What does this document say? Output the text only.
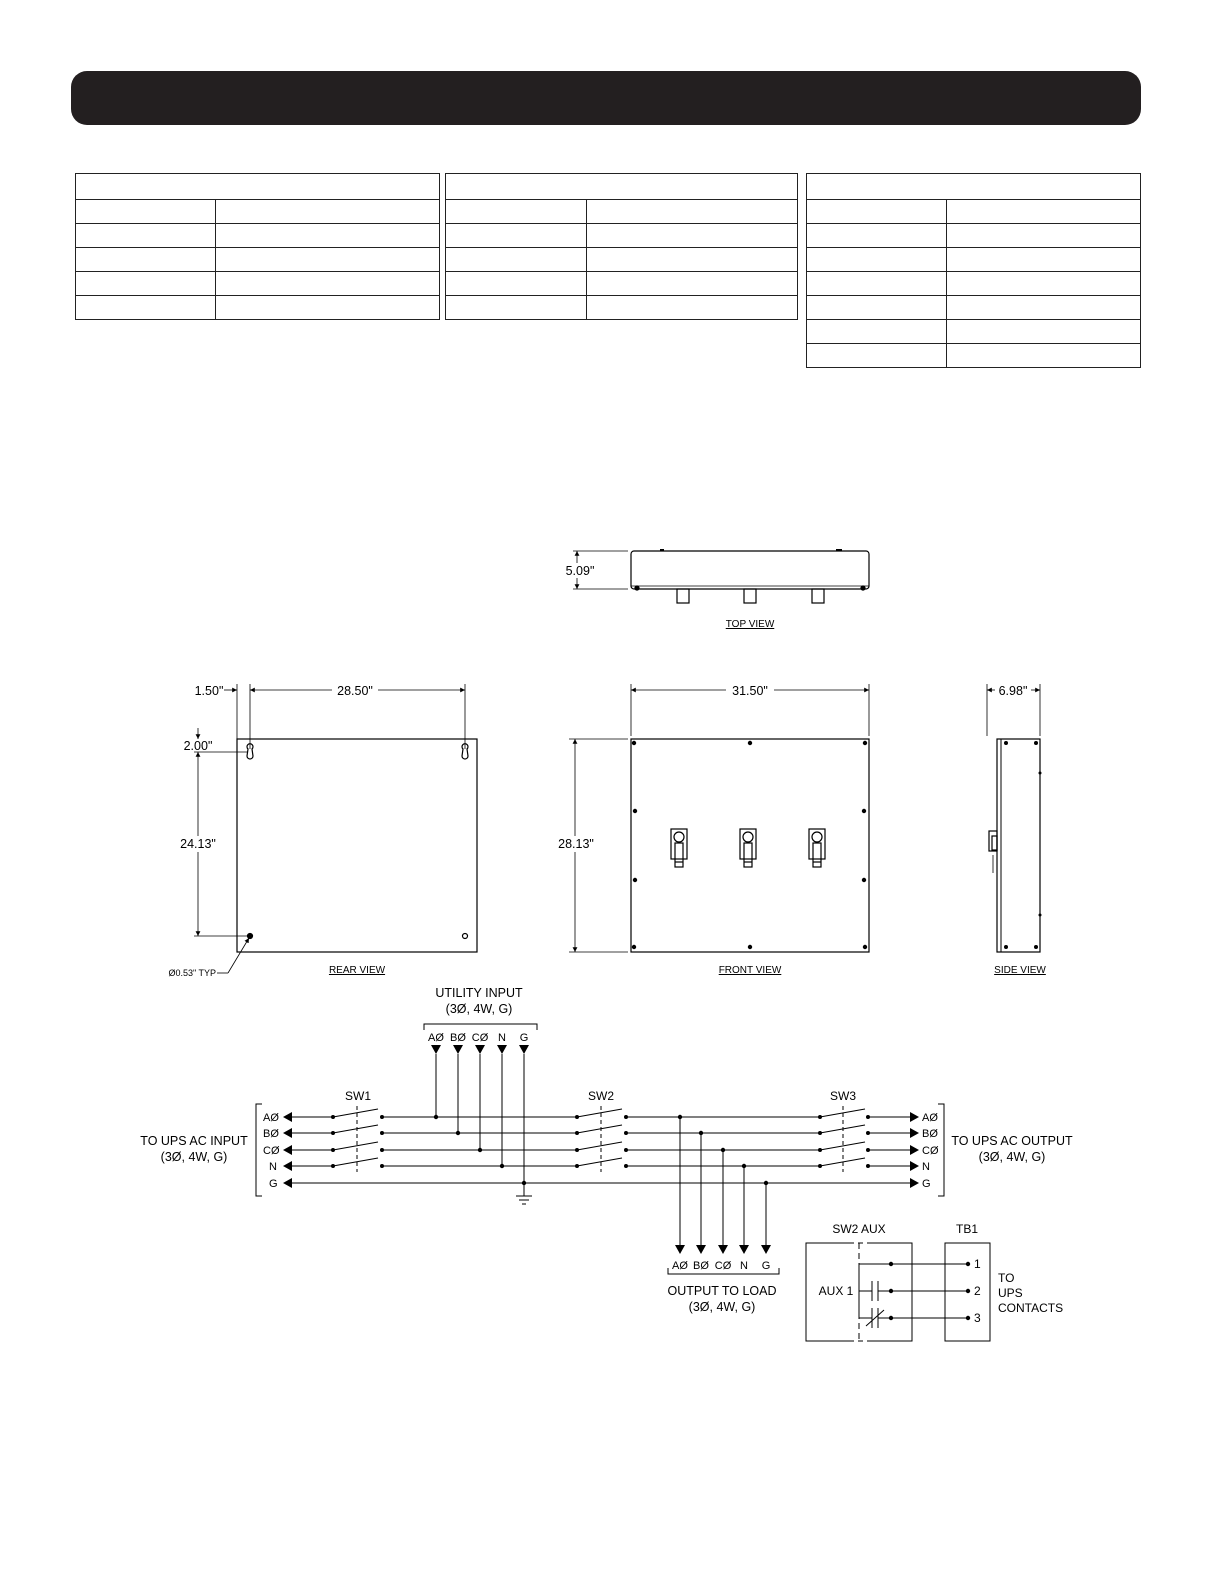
5.09"
TOP VIEW
1.50"	28.50"
2.00"
24.13"
Ø0.53" TYP	REAR VIEW
31.50"
28.13"
FRONT VIEW
6.98"
SIDE VIEW
UTILITY INPUT
(3Ø, 4W, G)
AØ BØ CØ N G
SW1	SW2	SW3
TO UPS AC INPUT
(3Ø, 4W, G)
AØ
BØ
CØ
N
G
TO UPS AC OUTPUT
(3Ø, 4W, G)
AØ
BØ
CØ
N
G
AØ BØ CØ N G
OUTPUT TO LOAD
(3Ø, 4W, G)
SW2 AUX	TB1
AUX 1
1
2
3
TO
UPS
CONTACTS
